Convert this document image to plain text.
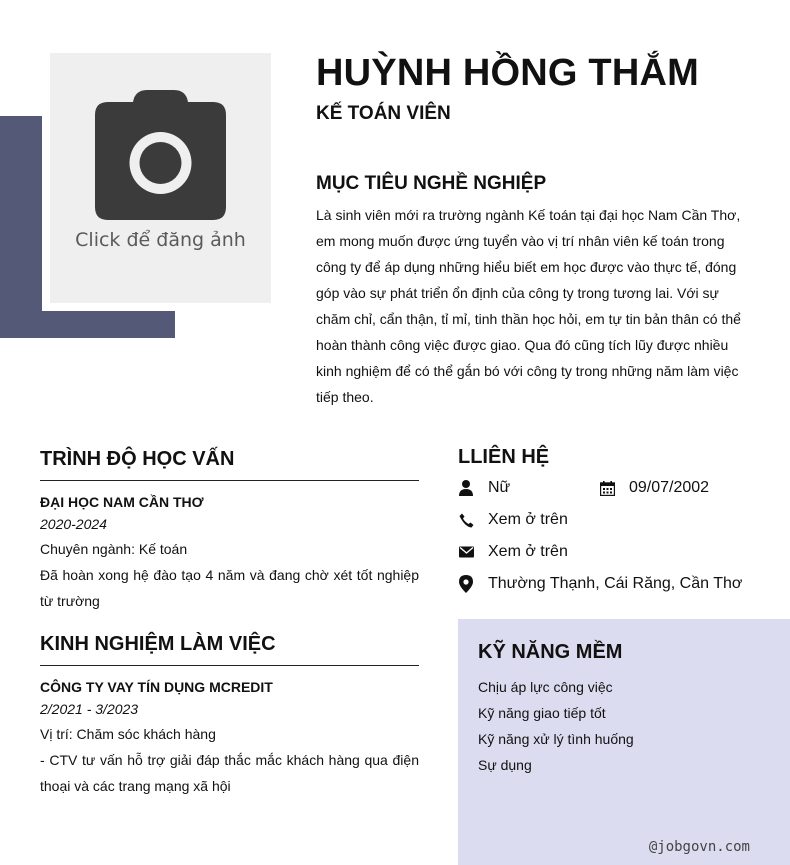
Click để đăng ảnh
HUỲNH HỒNG THẮM
KẾ TOÁN VIÊN
MỤC TIÊU NGHỀ NGHIỆP
Là sinh viên mới ra trường ngành Kế toán tại đại học Nam Cần Thơ,
em mong muốn được ứng tuyển vào vị trí nhân viên kế toán trong
công ty để áp dụng những hiểu biết em học được vào thực tế, đóng
góp vào sự phát triển ổn định của công ty trong tương lai. Với sự
chăm chỉ, cẩn thận, tỉ mỉ, tinh thần học hỏi, em tự tin bản thân có thể
hoàn thành công việc được giao. Qua đó cũng tích lũy được nhiều
kinh nghiệm để có thể gắn bó với công ty trong những năm làm việc
tiếp theo.
TRÌNH ĐỘ HỌC VẤN

ĐẠI HỌC NAM CẦN THƠ

2020-2024

Chuyên ngành: Kế toán

Đã hoàn xong hệ đào tạo 4 năm và đang chờ xét tốt nghiệp
từ trường

KINH NGHIỆM LÀM VIỆC

CÔNG TY VAY TÍN DỤNG MCREDIT

2/2021 - 3/2023

Vị trí: Chăm sóc khách hàng

- CTV tư vấn hỗ trợ giải đáp thắc mắc khách hàng qua điện
thoại và các trang mạng xã hội

LLIÊN HỆ
Nữ	09/07/2002
Xem ở trên
Xem ở trên
Thường Thạnh, Cái Răng, Cần Thơ
KỸ NĂNG MỀM
Chịu áp lực công việc
Kỹ năng giao tiếp tốt
Kỹ năng xử lý tình huống
Sự dụng
@jobgovn.com
